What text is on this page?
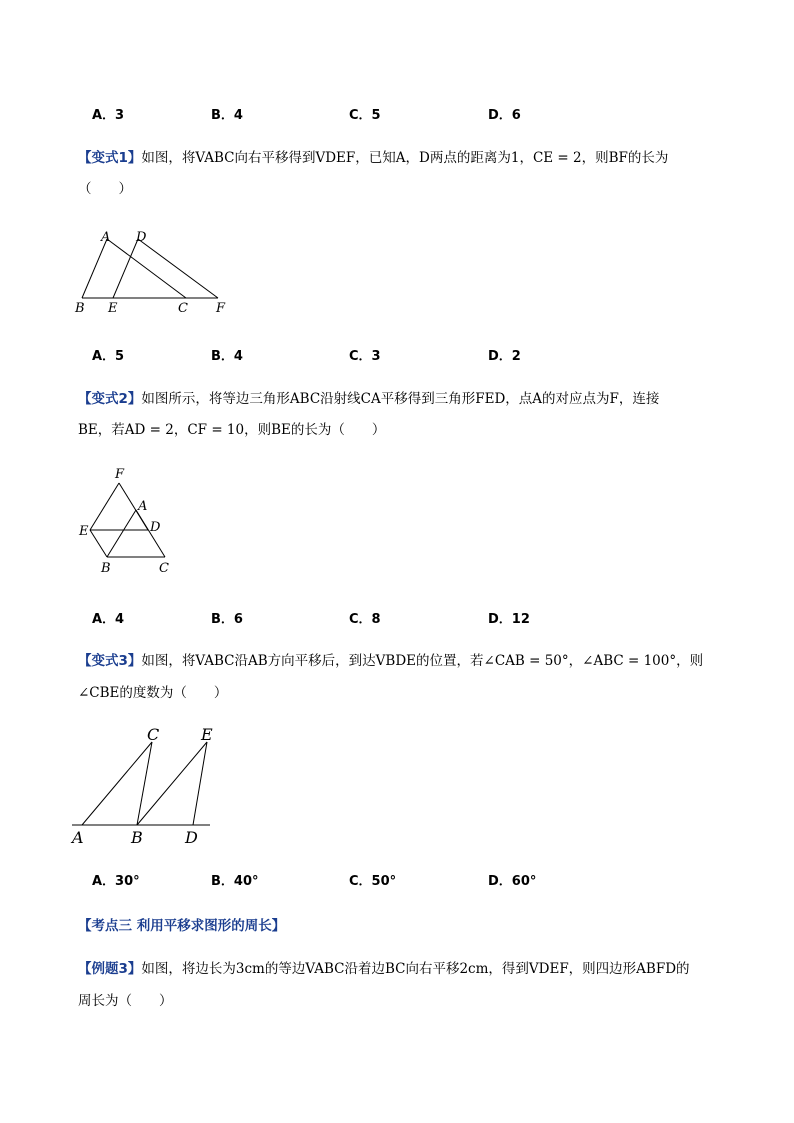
A．3	B．4	C．5	D．6
【变式1】如图，将VABC向右平移得到VDEF，已知A，D两点的距离为1，CE = 2，则BF的长为
（　　）
A D
B E	C F
A．5	B．4	C．3	D．2
【变式2】如图所示，将等边三角形ABC沿射线CA平移得到三角形FED，点A的对应点为F，连接
BE，若AD = 2，CF = 10，则BE的长为（　　）
F
A
D
E
B	C
A．4	B．6	C．8	D．12
【变式3】如图，将VABC沿AB方向平移后，到达VBDE的位置，若∠CAB = 50°，∠ABC = 100°，则
∠CBE的度数为（　　）
C	E
A	B	D
A．30°	B．40°	C．50°	D．60°
【考点三 利用平移求图形的周长】
【例题3】如图，将边长为3cm的等边VABC沿着边BC向右平移2cm，得到VDEF，则四边形ABFD的
周长为（　　）
